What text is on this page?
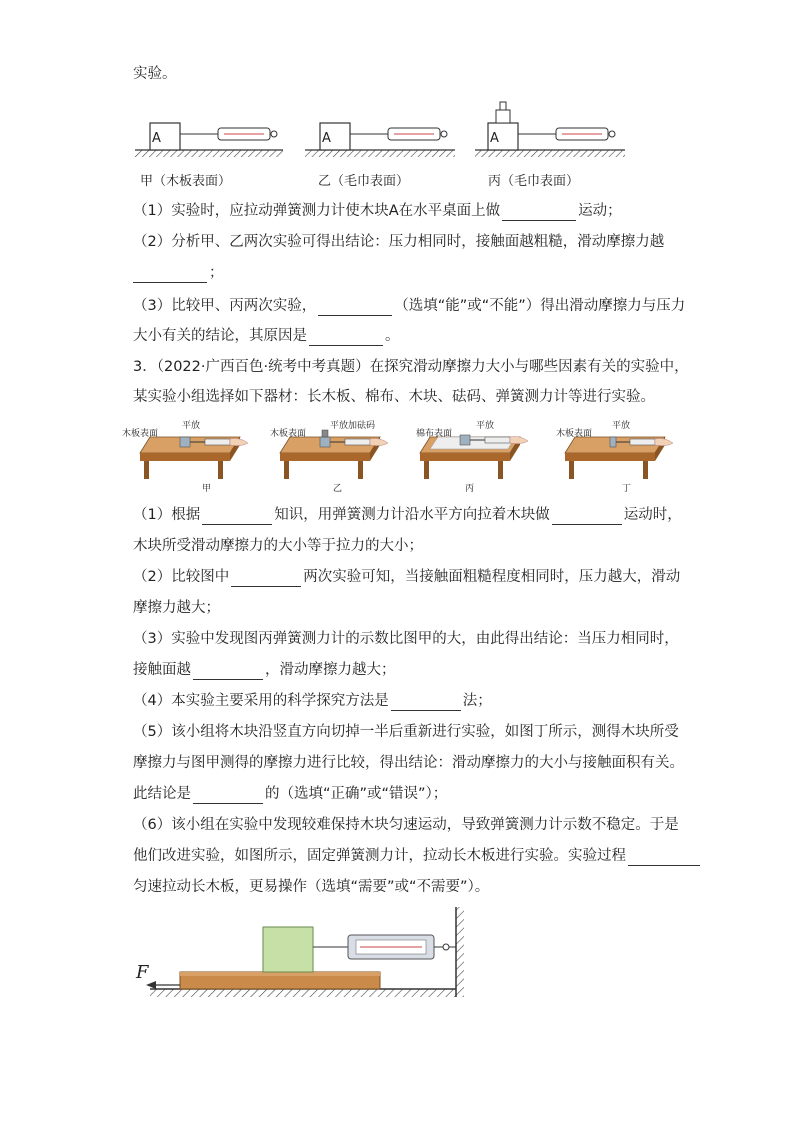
实验。
A	A	A
甲（木板表面）	乙（毛巾表面）	丙（毛巾表面）
（1）实验时，应拉动弹簧测力计使木块A在水平桌面上做	运动；
（2）分析甲、乙两次实验可得出结论：压力相同时，接触面越粗糙，滑动摩擦力越
；
（3）比较甲、丙两次实验，	（选填“能”或“不能”）得出滑动摩擦力与压力
大小有关的结论，其原因是	。
3．（2022·广西百色·统考中考真题）在探究滑动摩擦力大小与哪些因素有关的实验中，
某实验小组选择如下器材：长木板、棉布、木块、砝码、弹簧测力计等进行实验。
木板表面
平放
木板表面
平放加砝码
棉布表面
平放
木板表面
平放
甲	乙	丙	丁
（1）根据	知识，用弹簧测力计沿水平方向拉着木块做	运动时，
木块所受滑动摩擦力的大小等于拉力的大小；
（2）比较图中	两次实验可知，当接触面粗糙程度相同时，压力越大，滑动
摩擦力越大；
（3）实验中发现图丙弹簧测力计的示数比图甲的大，由此得出结论：当压力相同时，
接触面越	，滑动摩擦力越大；
（4）本实验主要采用的科学探究方法是	法；
（5）该小组将木块沿竖直方向切掉一半后重新进行实验，如图丁所示，测得木块所受
摩擦力与图甲测得的摩擦力进行比较，得出结论：滑动摩擦力的大小与接触面积有关。
此结论是	的（选填“正确”或“错误”）；
（6）该小组在实验中发现较难保持木块匀速运动，导致弹簧测力计示数不稳定。于是
他们改进实验，如图所示，固定弹簧测力计，拉动长木板进行实验。实验过程
匀速拉动长木板，更易操作（选填“需要”或“不需要”）。
F
